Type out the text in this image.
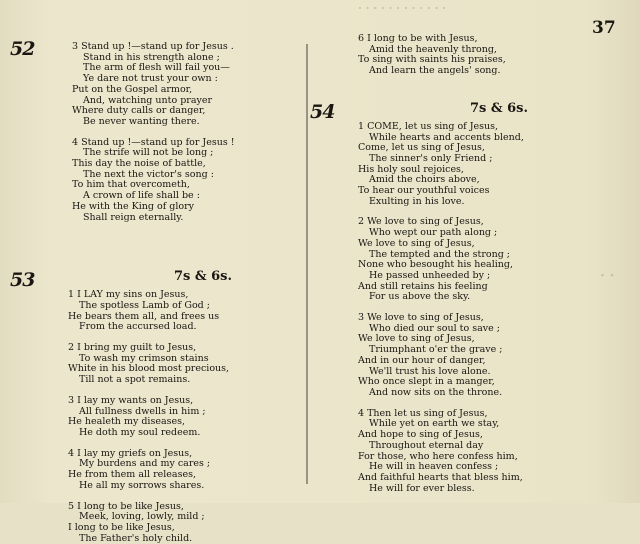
· · · · · · · · · · · ·
· ·
37
52	3 Stand up !—stand up for Jesus .
Stand in his strength alone ;
The arm of flesh will fail you—
Ye dare not trust your own :
Put on the Gospel armor,
And, watching unto prayer
Where duty calls or danger,
Be never wanting there.
4 Stand up !—stand up for Jesus !
The strife will not be long ;
This day the noise of battle,
The next the victor's song :
To him that overcometh,
A crown of life shall be :
He with the King of glory
Shall reign eternally.
53	7s & 6s.
1 I LAY my sins on Jesus,
The spotless Lamb of God ;
He bears them all, and frees us
From the accursed load.
2 I bring my guilt to Jesus,
To wash my crimson stains
White in his blood most precious,
Till not a spot remains.
3 I lay my wants on Jesus,
All fullness dwells in him ;
He healeth my diseases,
He doth my soul redeem.
4 I lay my griefs on Jesus,
My burdens and my cares ;
He from them all releases,
He all my sorrows shares.
5 I long to be like Jesus,
Meek, loving, lowly, mild ;
I long to be like Jesus,
The Father's holy child.
6 I long to be with Jesus,
Amid the heavenly throng,
To sing with saints his praises,
And learn the angels' song.
54	7s & 6s.
1 COME, let us sing of Jesus,
While hearts and accents blend,
Come, let us sing of Jesus,
The sinner's only Friend ;
His holy soul rejoices,
Amid the choirs above,
To hear our youthful voices
Exulting in his love.
2 We love to sing of Jesus,
Who wept our path along ;
We love to sing of Jesus,
The tempted and the strong ;
None who besought his healing,
He passed unheeded by ;
And still retains his feeling
For us above the sky.
3 We love to sing of Jesus,
Who died our soul to save ;
We love to sing of Jesus,
Triumphant o'er the grave ;
And in our hour of danger,
We'll trust his love alone.
Who once slept in a manger,
And now sits on the throne.
4 Then let us sing of Jesus,
While yet on earth we stay,
And hope to sing of Jesus,
Throughout eternal day
For those, who here confess him,
He will in heaven confess ;
And faithful hearts that bless him,
He will for ever bless.
